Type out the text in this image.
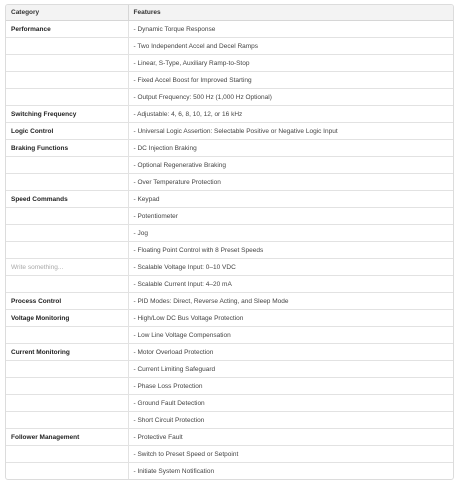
Category	Features
Performance	- Dynamic Torque Response
	- Two Independent Accel and Decel Ramps
	- Linear, S-Type, Auxiliary Ramp-to-Stop
	- Fixed Accel Boost for Improved Starting
	- Output Frequency: 500 Hz (1,000 Hz Optional)
Switching Frequency	- Adjustable: 4, 6, 8, 10, 12, or 16 kHz
Logic Control	- Universal Logic Assertion: Selectable Positive or Negative Logic Input
Braking Functions	- DC Injection Braking
	- Optional Regenerative Braking
	- Over Temperature Protection
Speed Commands	- Keypad
	- Potentiometer
	- Jog
	- Floating Point Control with 8 Preset Speeds
Write something...	- Scalable Voltage Input: 0–10 VDC
	- Scalable Current Input: 4–20 mA
Process Control	- PID Modes: Direct, Reverse Acting, and Sleep Mode
Voltage Monitoring	- High/Low DC Bus Voltage Protection
	- Low Line Voltage Compensation
Current Monitoring	- Motor Overload Protection
	- Current Limiting Safeguard
	- Phase Loss Protection
	- Ground Fault Detection
	- Short Circuit Protection
Follower Management	- Protective Fault
	- Switch to Preset Speed or Setpoint
	- Initiate System Notification
